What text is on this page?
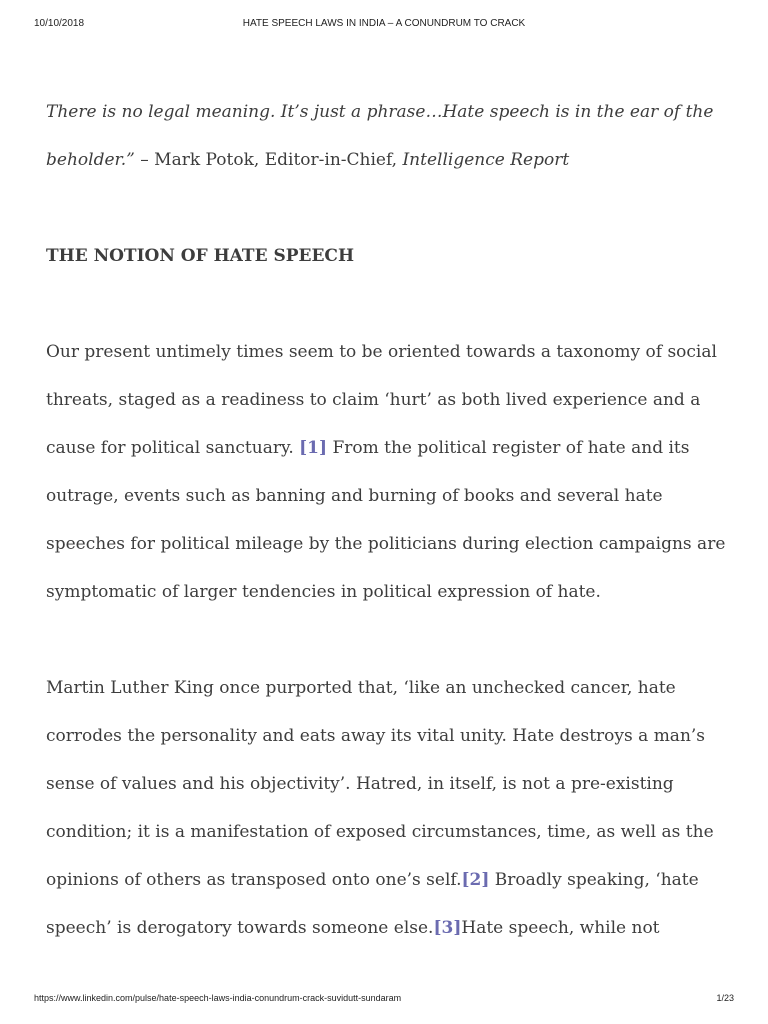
10/10/2018	HATE SPEECH LAWS IN INDIA – A CONUNDRUM TO CRACK

There is no legal meaning. It’s just a phrase…Hate speech is in the ear of the beholder.” – Mark Potok, Editor-in-Chief, Intelligence Report

THE NOTION OF HATE SPEECH

Our present untimely times seem to be oriented towards a taxonomy of social threats, staged as a readiness to claim ‘hurt’ as both lived experience and a cause for political sanctuary. [1] From the political register of hate and its outrage, events such as banning and burning of books and several hate speeches for political mileage by the politicians during election campaigns are symptomatic of larger tendencies in political expression of hate.

Martin Luther King once purported that, ‘like an unchecked cancer, hate corrodes the personality and eats away its vital unity. Hate destroys a man’s sense of values and his objectivity’. Hatred, in itself, is not a pre-existing condition; it is a manifestation of exposed circumstances, time, as well as the opinions of others as transposed onto one’s self.[2] Broadly speaking, ‘hate speech’ is derogatory towards someone else.[3]Hate speech, while not

https://www.linkedin.com/pulse/hate-speech-laws-india-conundrum-crack-suvidutt-sundaram	1/23
